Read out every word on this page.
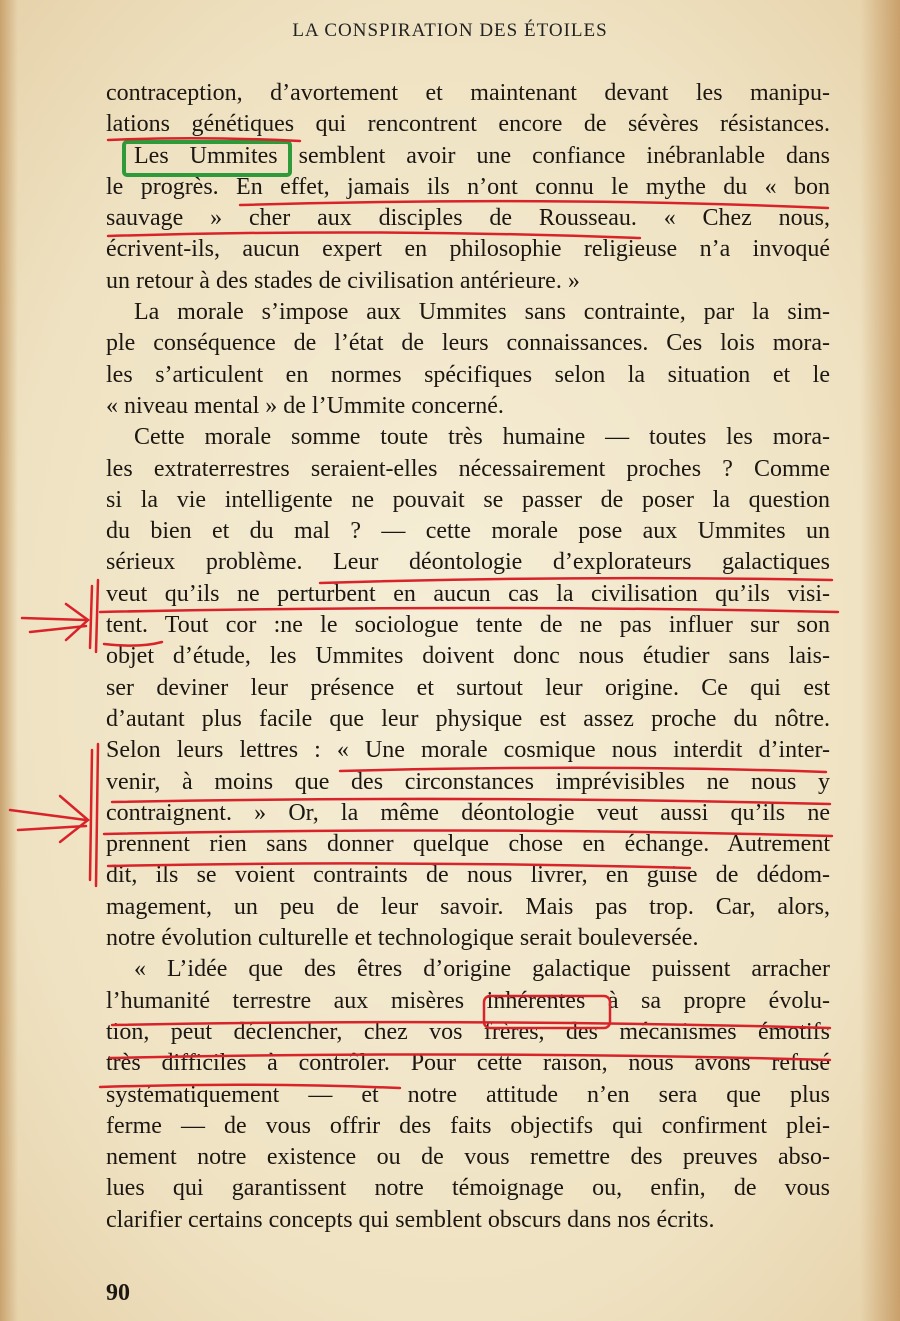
LA CONSPIRATION DES ÉTOILES
contraception, d’avortement et maintenant devant les manipu-
lations génétiques qui rencontrent encore de sévères résistances.
Les Ummites semblent avoir une confiance inébranlable dans
le progrès. En effet, jamais ils n’ont connu le mythe du « bon
sauvage » cher aux disciples de Rousseau. « Chez nous,
écrivent-ils, aucun expert en philosophie religieuse n’a invoqué
un retour à des stades de civilisation antérieure. »
La morale s’impose aux Ummites sans contrainte, par la sim-
ple conséquence de l’état de leurs connaissances. Ces lois mora-
les s’articulent en normes spécifiques selon la situation et le
« niveau mental » de l’Ummite concerné.
Cette morale somme toute très humaine — toutes les mora-
les extraterrestres seraient-elles nécessairement proches ? Comme
si la vie intelligente ne pouvait se passer de poser la question
du bien et du mal ? — cette morale pose aux Ummites un
sérieux problème. Leur déontologie d’explorateurs galactiques
veut qu’ils ne perturbent en aucun cas la civilisation qu’ils visi-
tent. Tout cor :ne le sociologue tente de ne pas influer sur son
objet d’étude, les Ummites doivent donc nous étudier sans lais-
ser deviner leur présence et surtout leur origine. Ce qui est
d’autant plus facile que leur physique est assez proche du nôtre.
Selon leurs lettres : « Une morale cosmique nous interdit d’inter-
venir, à moins que des circonstances imprévisibles ne nous y
contraignent. » Or, la même déontologie veut aussi qu’ils ne
prennent rien sans donner quelque chose en échange. Autrement
dit, ils se voient contraints de nous livrer, en guise de dédom-
magement, un peu de leur savoir. Mais pas trop. Car, alors,
notre évolution culturelle et technologique serait bouleversée.
« L’idée que des êtres d’origine galactique puissent arracher
l’humanité terrestre aux misères inhérentes à sa propre évolu-
tion, peut déclencher, chez vos frères, des mécanismes émotifs
très difficiles à contrôler. Pour cette raison, nous avons refusé
systématiquement — et notre attitude n’en sera que plus
ferme — de vous offrir des faits objectifs qui confirment plei-
nement notre existence ou de vous remettre des preuves abso-
lues qui garantissent notre témoignage ou, enfin, de vous
clarifier certains concepts qui semblent obscurs dans nos écrits.
90
